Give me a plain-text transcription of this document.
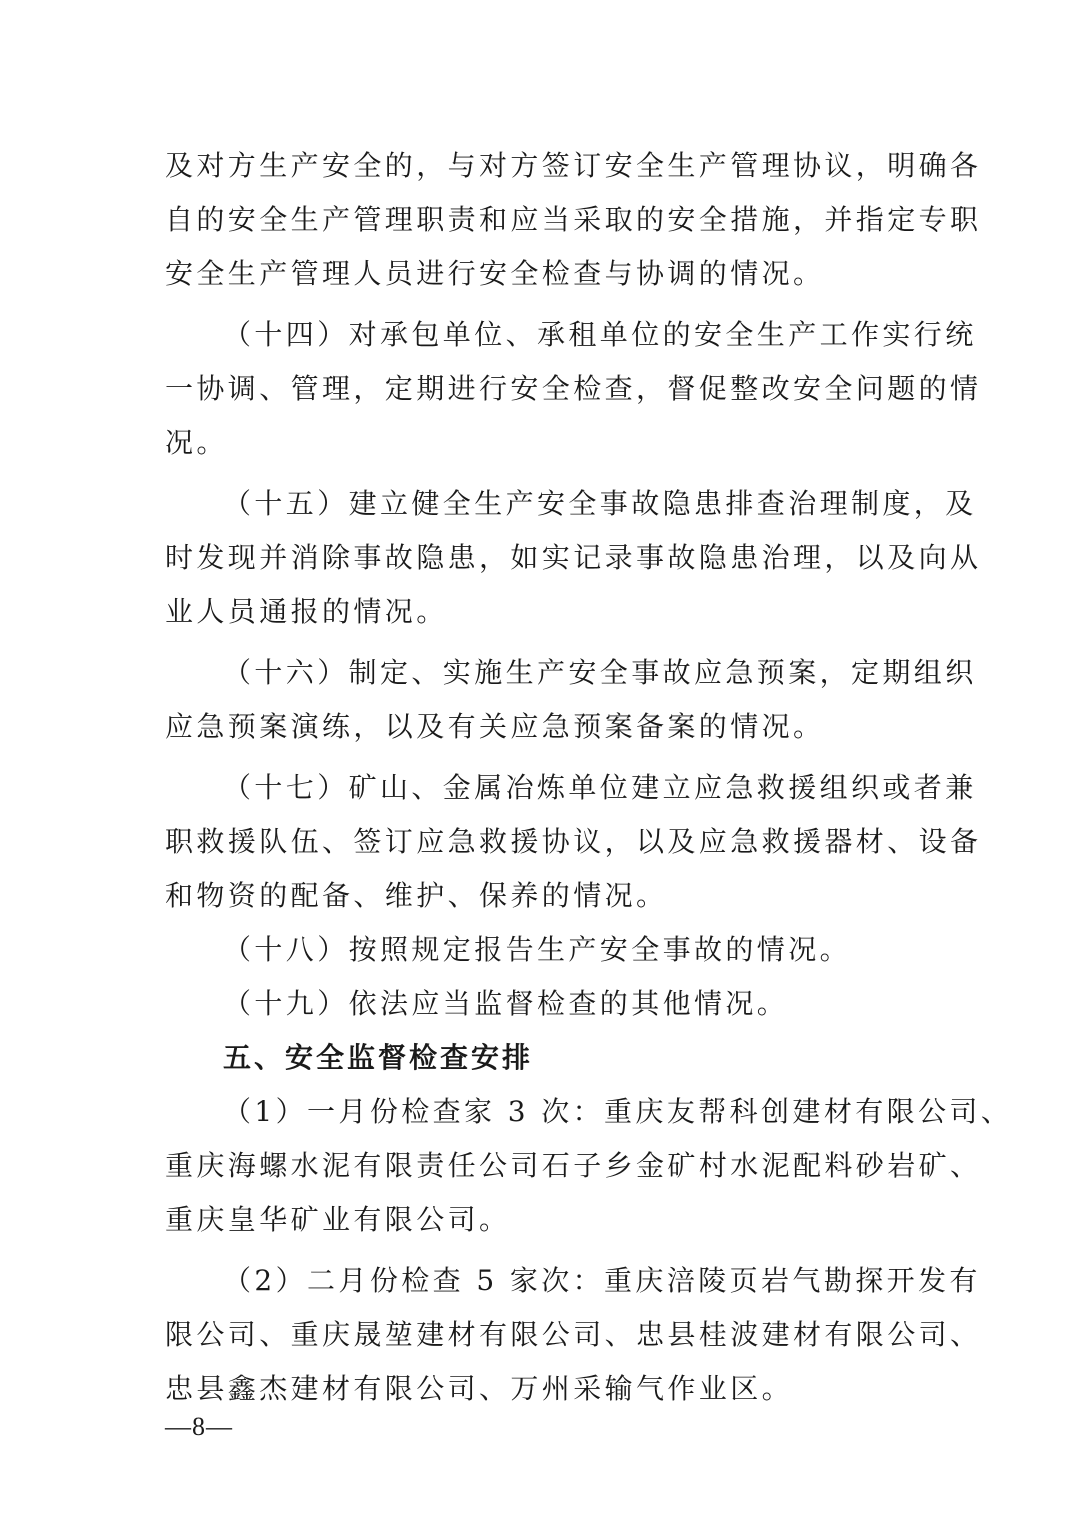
及对方生产安全的，与对方签订安全生产管理协议，明确各
自的安全生产管理职责和应当采取的安全措施，并指定专职
安全生产管理人员进行安全检查与协调的情况。
（十四）对承包单位、承租单位的安全生产工作实行统
一协调、管理，定期进行安全检查，督促整改安全问题的情
况。
（十五）建立健全生产安全事故隐患排查治理制度，及
时发现并消除事故隐患，如实记录事故隐患治理，以及向从
业人员通报的情况。
（十六）制定、实施生产安全事故应急预案，定期组织
应急预案演练，以及有关应急预案备案的情况。
（十七）矿山、金属冶炼单位建立应急救援组织或者兼
职救援队伍、签订应急救援协议，以及应急救援器材、设备
和物资的配备、维护、保养的情况。
（十八）按照规定报告生产安全事故的情况。
（十九）依法应当监督检查的其他情况。
五、安全监督检查安排
（1）一月份检查家 3 次：重庆友帮科创建材有限公司、
重庆海螺水泥有限责任公司石子乡金矿村水泥配料砂岩矿、
重庆皇华矿业有限公司。
（2）二月份检查 5 家次：重庆涪陵页岩气勘探开发有
限公司、重庆晟堃建材有限公司、忠县桂波建材有限公司、
忠县鑫杰建材有限公司、万州采输气作业区。
—8—
